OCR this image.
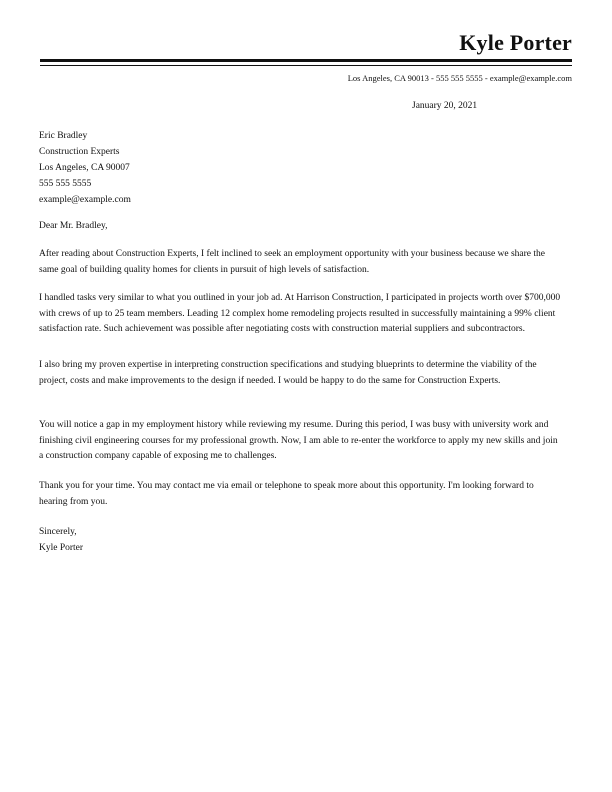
Kyle Porter
Los Angeles, CA 90013 - 555 555 5555 - example@example.com
January 20, 2021
Eric Bradley
Construction Experts
Los Angeles, CA 90007
555 555 5555
example@example.com
Dear Mr. Bradley,
After reading about Construction Experts, I felt inclined to seek an employment opportunity with your business because we share the same goal of building quality homes for clients in pursuit of high levels of satisfaction.
I handled tasks very similar to what you outlined in your job ad. At Harrison Construction, I participated in projects worth over $700,000 with crews of up to 25 team members. Leading 12 complex home remodeling projects resulted in successfully maintaining a 99% client satisfaction rate. Such achievement was possible after negotiating costs with construction material suppliers and subcontractors.
I also bring my proven expertise in interpreting construction specifications and studying blueprints to determine the viability of the project, costs and make improvements to the design if needed. I would be happy to do the same for Construction Experts.
You will notice a gap in my employment history while reviewing my resume. During this period, I was busy with university work and finishing civil engineering courses for my professional growth. Now, I am able to re-enter the workforce to apply my new skills and join a construction company capable of exposing me to challenges.
Thank you for your time. You may contact me via email or telephone to speak more about this opportunity. I'm looking forward to hearing from you.
Sincerely,
Kyle Porter
